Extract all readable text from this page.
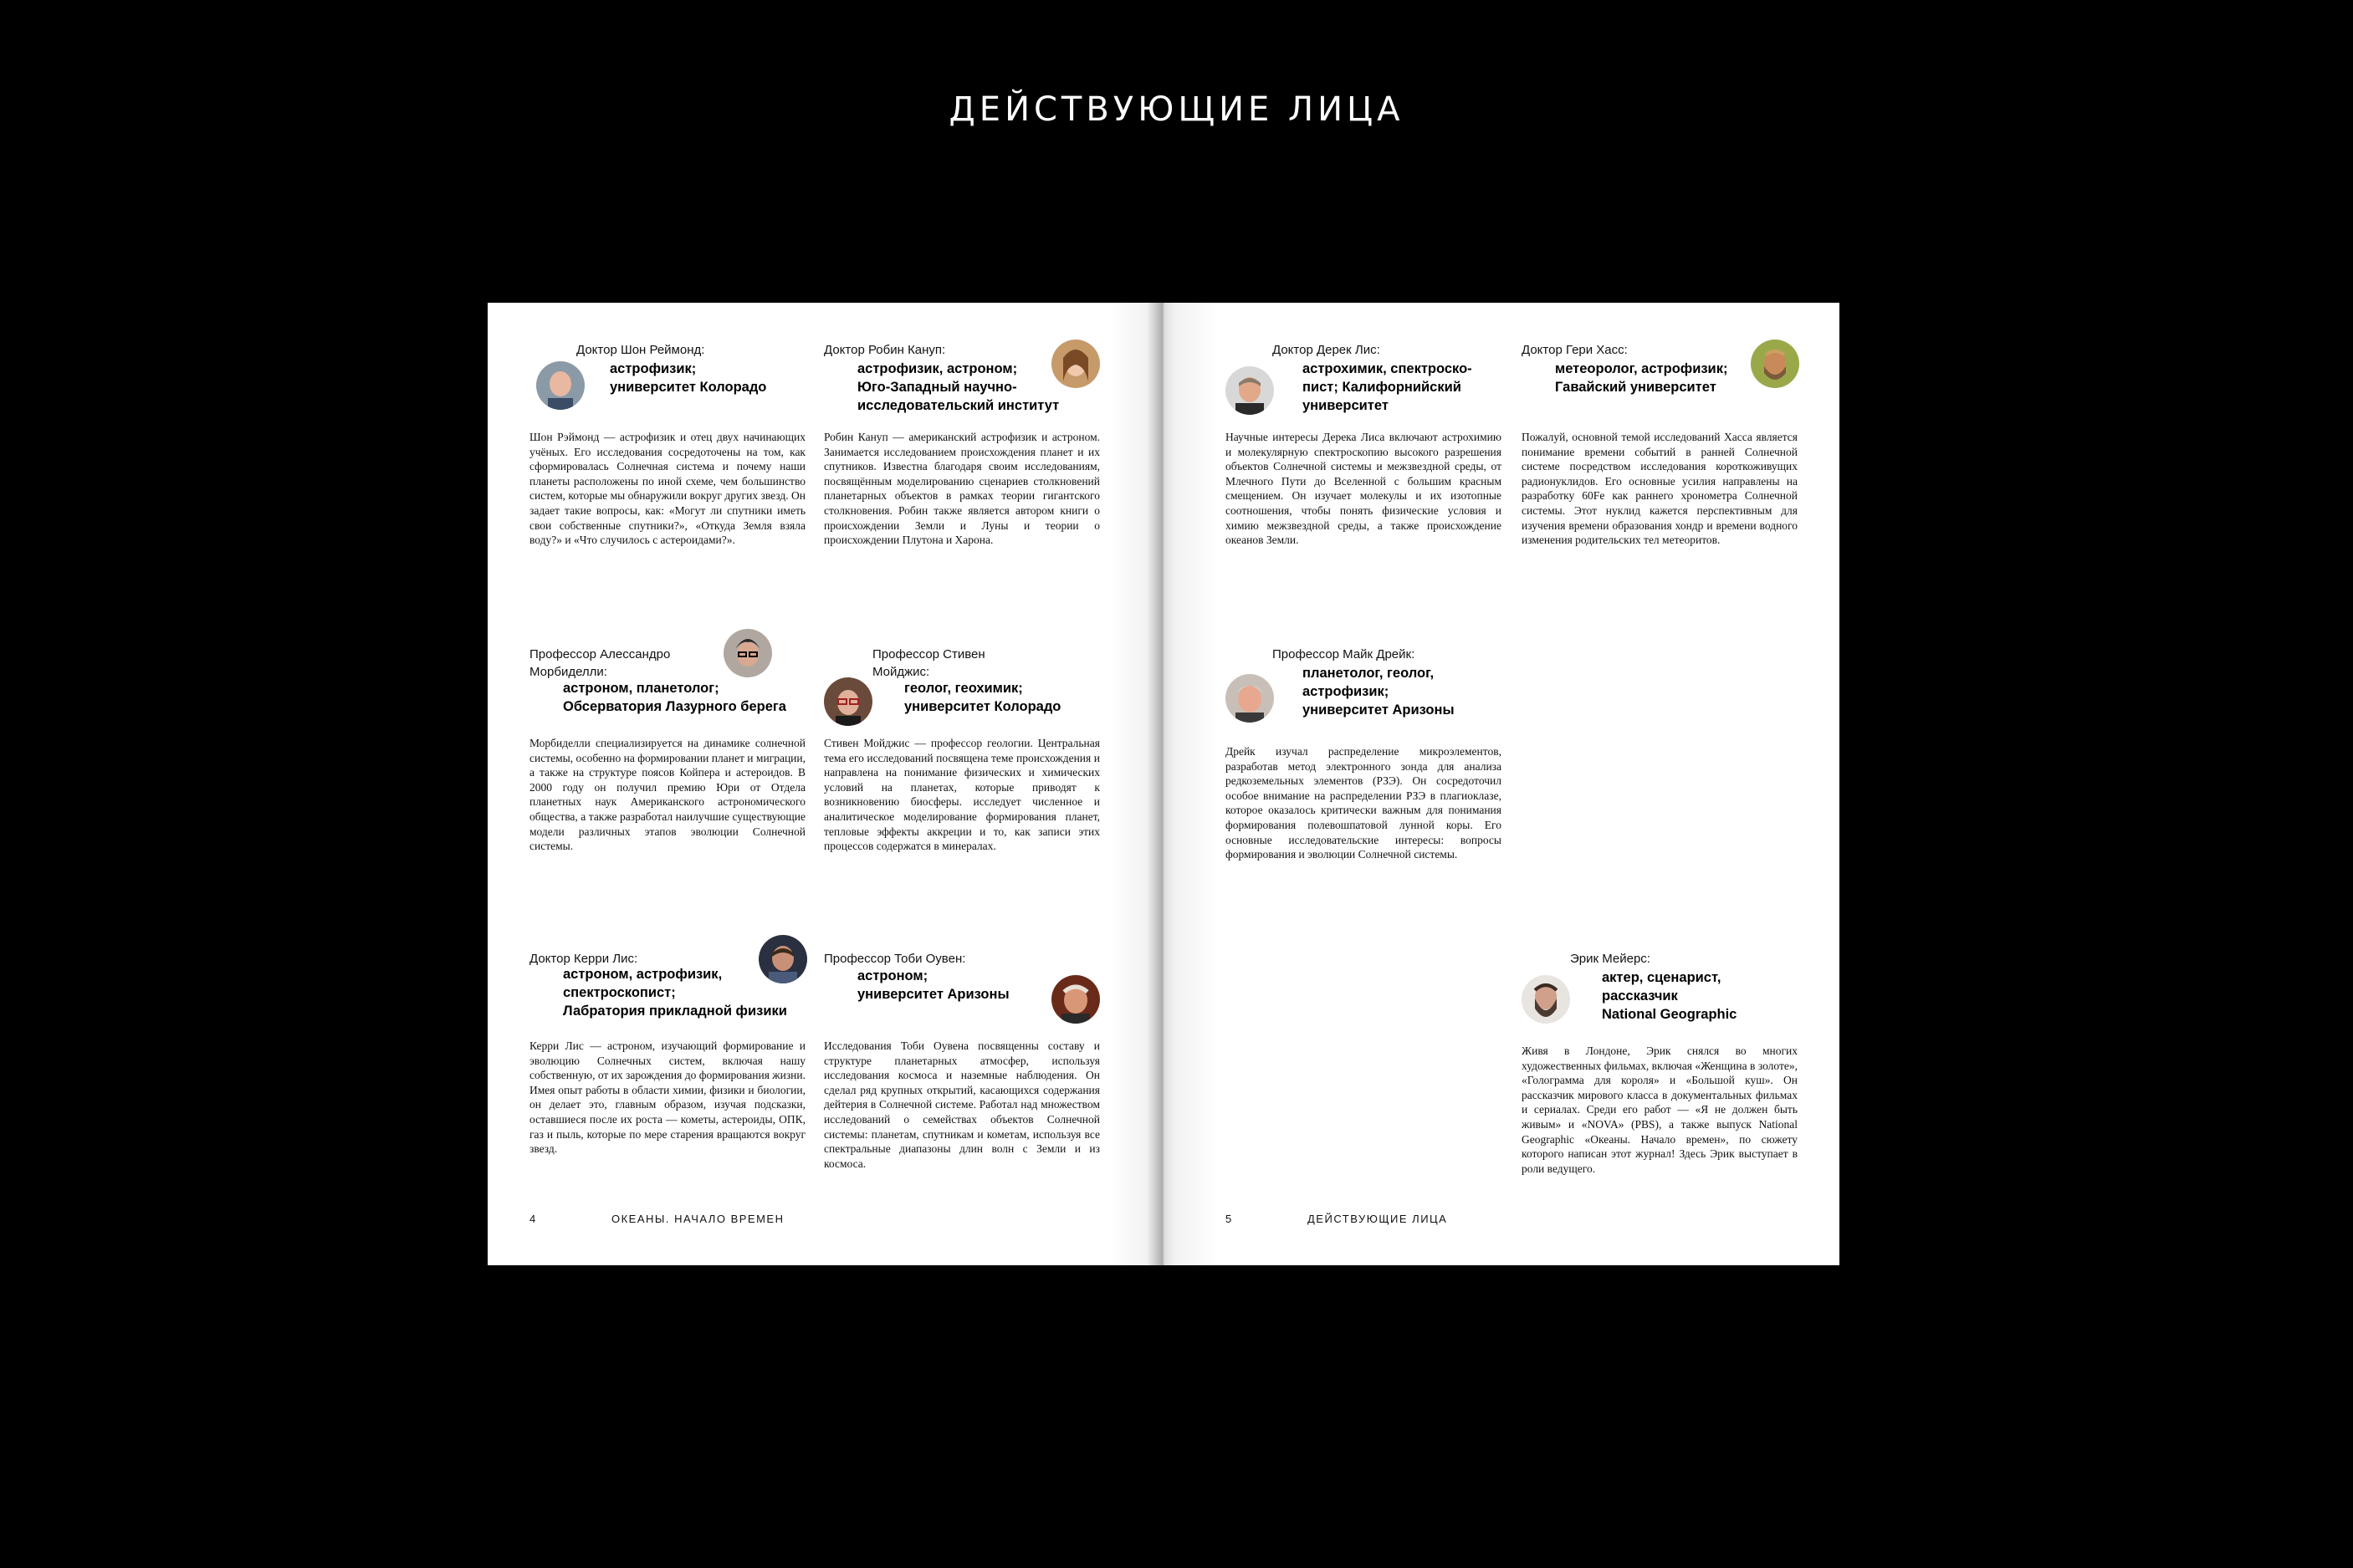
ДЕЙСТВУЮЩИЕ ЛИЦА
Доктор Шон Реймонд:
астрофизик;
университет Колорадо
Шон Рэймонд — астрофизик и отец двух начинающих учёных. Его исследования сосредоточены на том, как сформировалась Солнечная система и почему наши планеты расположены по иной схеме, чем большинство систем, которые мы обнаружили вокруг других звезд. Он задает такие вопросы, как: «Могут ли спутники иметь свои собственные спутники?», «Откуда Земля взяла воду?» и «Что случилось с астероидами?».
Доктор Робин Кануп:
астрофизик, астроном;
Юго-Западный научно-
исследовательский институт
Робин Кануп — американский астрофизик и астроном. Занимается исследованием происхождения планет и их спутников. Известна благодаря своим исследованиям, посвящённым моделированию сценариев столкновений планетарных объектов в рамках теории гигантского столкновения. Робин также является автором книги о происхождении Земли и Луны и теории о происхождении Плутона и Харона.
Доктор Дерек Лис:
астрохимик, спектроско-
пист; Калифорнийский
университет
Научные интересы Дерека Лиса включают астрохимию и молекулярную спектроскопию высокого разрешения объектов Солнечной системы и межзвездной среды, от Млечного Пути до Вселенной с большим красным смещением. Он изучает молекулы и их изотопные соотношения, чтобы понять физические условия и химию межзвездной среды, а также происхождение океанов Земли.
Доктор Гери Хасс:
метеоролог, астрофизик;
Гавайский университет
Пожалуй, основной темой исследований Хасса является понимание времени событий в ранней Солнечной системе посредством исследования короткоживущих радионуклидов. Его основные усилия направлены на разработку 60Fe как раннего хронометра Солнечной системы. Этот нуклид кажется перспективным для изучения времени образования хондр и времени водного изменения родительских тел метеоритов.
Профессор Алессандро Морбиделли:
астроном, планетолог;
Обсерватория Лазурного берега
Морбиделли специализируется на динамике солнечной системы, особенно на формировании планет и миграции, а также на структуре поясов Койпера и астероидов. В 2000 году он получил премию Юри от Отдела планетных наук Американского астрономического общества, а также разработал наилучшие существующие модели различных этапов эволюции Солнечной системы.
Профессор Стивен Мойджис:
геолог, геохимик;
университет Колорадо
Стивен Мойджис — профессор геологии. Центральная тема его исследований посвящена теме происхождения и направлена на понимание физических и химических условий на планетах, которые приводят к возникновению биосферы. исследует численное и аналитическое моделирование формирования планет, тепловые эффекты аккреции и то, как записи этих процессов содержатся в минералах.
Профессор Майк Дрейк:
планетолог, геолог,
астрофизик;
университет Аризоны
Дрейк изучал распределение микроэлементов, разработав метод электронного зонда для анализа редкоземельных элементов (РЗЭ). Он сосредоточил особое внимание на распределении РЗЭ в плагиоклазе, которое оказалось критически важным для понимания формирования полевошпатовой лунной коры. Его основные исследовательские интересы: вопросы формирования и эволюции Солнечной системы.
Доктор Керри Лис:
астроном, астрофизик,
спектроскопист;
Лабратория прикладной физики
Керри Лис — астроном, изучающий формирование и эволюцию Солнечных систем, включая нашу собственную, от их зарождения до формирования жизни. Имея опыт работы в области химии, физики и биологии, он делает это, главным образом, изучая подсказки, оставшиеся после их роста — кометы, астероиды, ОПК, газ и пыль, которые по мере старения вращаются вокруг звезд.
Профессор Тоби Оувен:
астроном;
университет Аризоны
Исследования Тоби Оувена посвященны составу и структуре планетарных атмосфер, используя исследования космоса и наземные наблюдения. Он сделал ряд крупных открытий, касающихся содержания дейтерия в Солнечной системе. Работал над множеством исследований о семействах объектов Солнечной системы: планетам, спутникам и кометам, используя все спектральные диапазоны длин волн с Земли и из космоса.
Эрик Мейерс:
актер, сценарист,
рассказчик
National Geographic
Живя в Лондоне, Эрик снялся во многих художественных фильмах, включая «Женщина в золоте», «Голограмма для короля» и «Большой куш». Он рассказчик мирового класса в документальных фильмах и сериалах. Среди его работ — «Я не должен быть живым» и «NOVA» (PBS), а также выпуск National Geographic «Океаны. Начало времен», по сюжету которого написан этот журнал! Здесь Эрик выступает в роли ведущего.
4	ОКЕАНЫ. НАЧАЛО ВРЕМЕН	5	ДЕЙСТВУЮЩИЕ ЛИЦА
